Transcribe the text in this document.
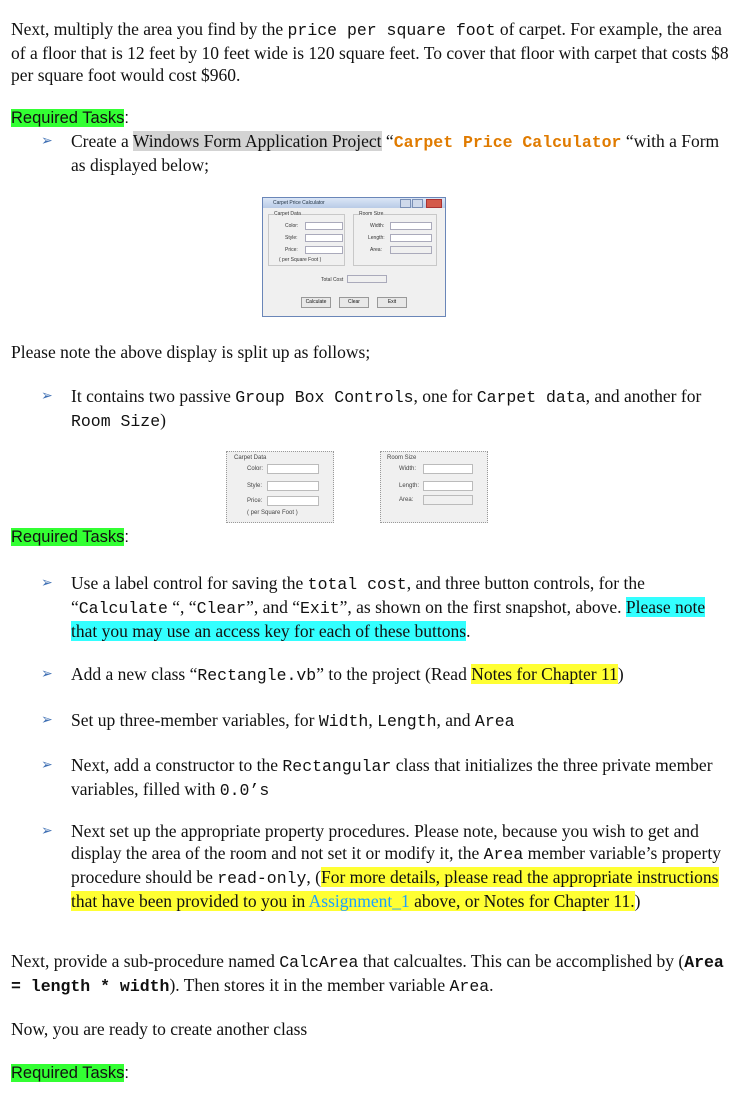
Next, multiply the area you find by the price per square foot of carpet. For example, the area of a floor that is 12 feet by 10 feet wide is 120 square feet. To cover that floor with carpet that costs $8 per square foot would cost $960.
Required Tasks:
➢ Create a Windows Form Application Project “Carpet Price Calculator “with a Form as displayed below;
Carpet Price Calculator
Carpet Data
Color:
Style:
Price:
( per Square Foot )
Room Size
Width:
Length:
Area:
Total Cost
Calculate	Clear	Exit
Please note the above display is split up as follows;
➢ It contains two passive Group Box Controls, one for Carpet data, and another for Room Size)
Carpet Data
Color:
Style:
Price:
( per Square Foot )
Room Size
Width:
Length:
Area:
Required Tasks:
➢ Use a label control for saving the total cost, and three button controls, for the “Calculate “, “Clear”, and “Exit”, as shown on the first snapshot, above. Please note that you may use an access key for each of these buttons.
➢ Add a new class “Rectangle.vb” to the project (Read Notes for Chapter 11)
➢ Set up three-member variables, for Width, Length, and Area
➢ Next, add a constructor to the Rectangular class that initializes the three private member variables, filled with 0.0’s
➢ Next set up the appropriate property procedures. Please note, because you wish to get and display the area of the room and not set it or modify it, the Area member variable’s property procedure should be read-only, (For more details, please read the appropriate instructions that have been provided to you in Assignment_1 above, or Notes for Chapter 11.)
Next, provide a sub-procedure named CalcArea that calcualtes. This can be accomplished by (Area = length * width). Then stores it in the member variable Area.
Now, you are ready to create another class
Required Tasks:
